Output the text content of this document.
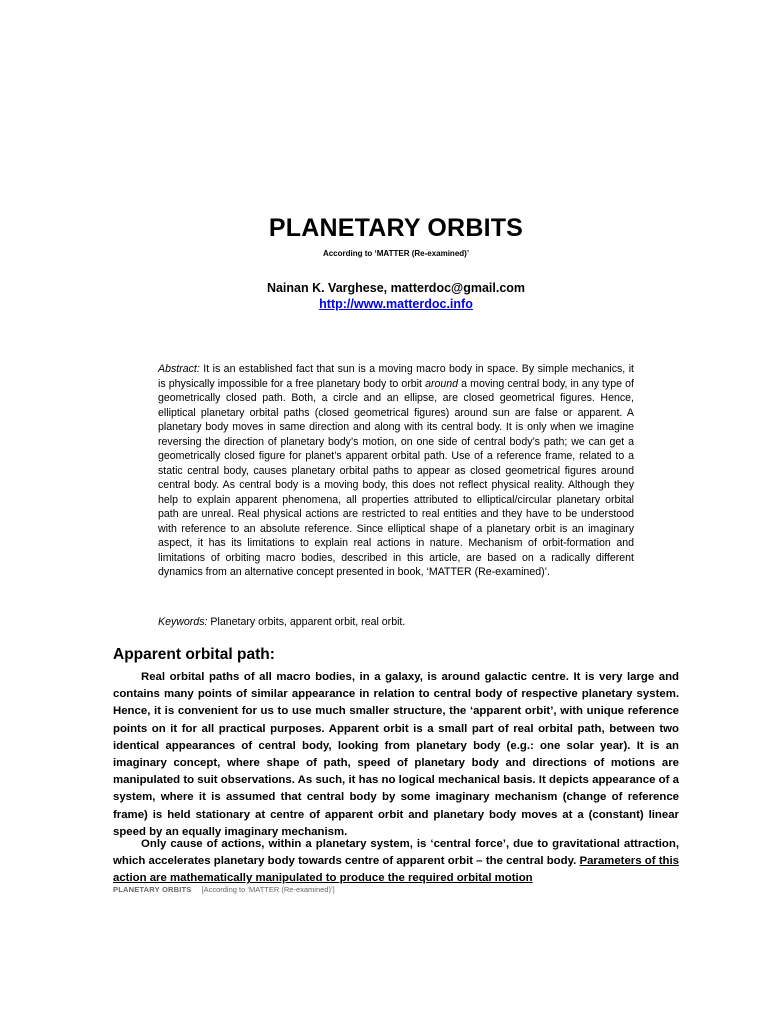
PLANETARY ORBITS
According to ‘MATTER (Re-examined)’
Nainan K. Varghese, matterdoc@gmail.com
http://www.matterdoc.info

Abstract: It is an established fact that sun is a moving macro body in space. By simple mechanics, it is physically impossible for a free planetary body to orbit around a moving central body, in any type of geometrically closed path. Both, a circle and an ellipse, are closed geometrical figures. Hence, elliptical planetary orbital paths (closed geometrical figures) around sun are false or apparent. A planetary body moves in same direction and along with its central body. It is only when we imagine reversing the direction of planetary body’s motion, on one side of central body’s path; we can get a geometrically closed figure for planet’s apparent orbital path. Use of a reference frame, related to a static central body, causes planetary orbital paths to appear as closed geometrical figures around central body. As central body is a moving body, this does not reflect physical reality. Although they help to explain apparent phenomena, all properties attributed to elliptical/circular planetary orbital path are unreal. Real physical actions are restricted to real entities and they have to be understood with reference to an absolute reference. Since elliptical shape of a planetary orbit is an imaginary aspect, it has its limitations to explain real actions in nature. Mechanism of orbit-formation and limitations of orbiting macro bodies, described in this article, are based on a radically different dynamics from an alternative concept presented in book, ‘MATTER (Re-examined)’.

Keywords: Planetary orbits, apparent orbit, real orbit.

Apparent orbital path:

Real orbital paths of all macro bodies, in a galaxy, is around galactic centre. It is very large and contains many points of similar appearance in relation to central body of respective planetary system. Hence, it is convenient for us to use much smaller structure, the ‘apparent orbit’, with unique reference points on it for all practical purposes. Apparent orbit is a small part of real orbital path, between two identical appearances of central body, looking from planetary body (e.g.: one solar year). It is an imaginary concept, where shape of path, speed of planetary body and directions of motions are manipulated to suit observations. As such, it has no logical mechanical basis. It depicts appearance of a system, where it is assumed that central body by some imaginary mechanism (change of reference frame) is held stationary at centre of apparent orbit and planetary body moves at a (constant) linear speed by an equally imaginary mechanism.

Only cause of actions, within a planetary system, is ‘central force’, due to gravitational attraction, which accelerates planetary body towards centre of apparent orbit – the central body. Parameters of this action are mathematically manipulated to produce the required orbital motion

PLANETARY ORBITS [According to ‘MATTER (Re-examined)’]
